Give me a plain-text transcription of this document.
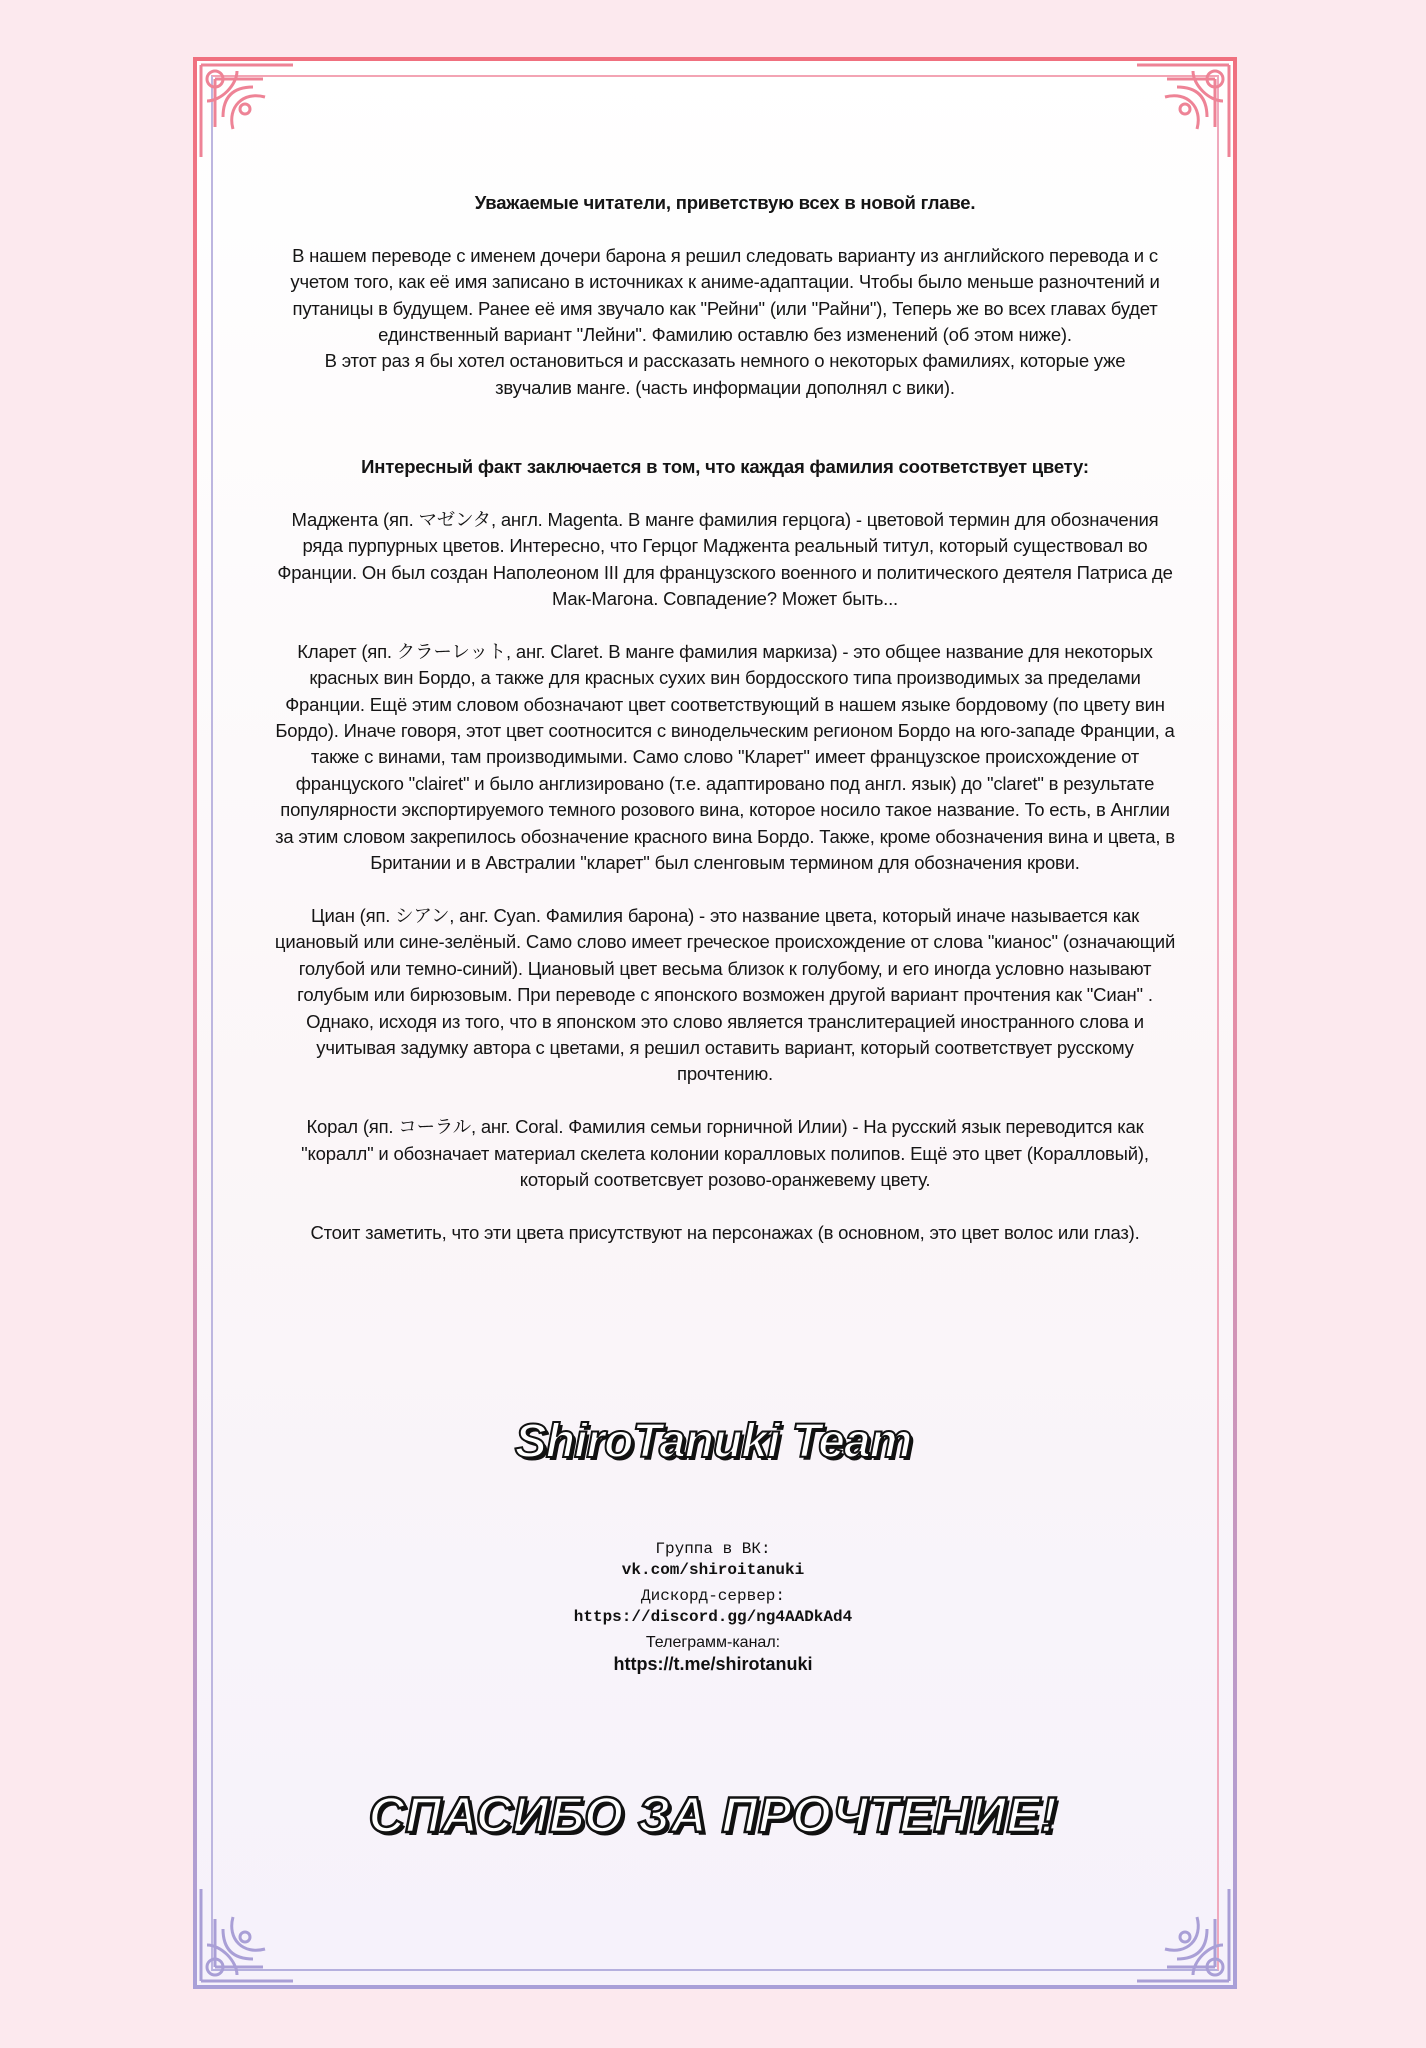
Уважаемые читатели, приветствую всех в новой главе.

В нашем переводе с именем дочери барона я решил следовать варианту из английского перевода и с

учетом того, как её имя записано в источниках к аниме-адаптации. Чтобы было меньше разночтений и

путаницы в будущем. Ранее её имя звучало как "Рейни" (или "Райни"), Теперь же во всех главах будет

единственный вариант "Лейни". Фамилию оставлю без изменений (об этом ниже).

В этот раз я бы хотел остановиться и рассказать немного о некоторых фамилиях, которые уже

звучалив манге. (часть информации дополнял с вики).

Интересный факт заключается в том, что каждая фамилия соответствует цвету:

Маджента (яп. マゼンタ, англ. Magenta. В манге фамилия герцога) - цветовой термин для обозначения

ряда пурпурных цветов. Интересно, что Герцог Маджента реальный титул, который существовал во

Франции. Он был создан Наполеоном III для французского военного и политического деятеля Патриса де

Мак-Магона. Совпадение? Может быть...

Кларет (яп. クラーレット, анг. Claret. В манге фамилия маркиза) - это общее название для некоторых

красных вин Бордо, а также для красных сухих вин бордосского типа производимых за пределами

Франции. Ещё этим словом обозначают цвет соответствующий в нашем языке бордовому (по цвету вин

Бордо). Иначе говоря, этот цвет соотносится с винодельческим регионом Бордо на юго-западе Франции, а

также с винами, там производимыми. Само слово "Кларет" имеет французское происхождение от

француского "clairet" и было англизировано (т.е. адаптировано под англ. язык) до "claret" в результате

популярности экспортируемого темного розового вина, которое носило такое название. То есть, в Англии

за этим словом закрепилось обозначение красного вина Бордо. Также, кроме обозначения вина и цвета, в

Британии и в Австралии "кларет" был сленговым термином для обозначения крови.

Циан (яп. シアン, анг. Cyan. Фамилия барона) - это название цвета, который иначе называется как

циановый или сине-зелёный. Само слово имеет греческое происхождение от слова "кианос" (означающий

голубой или темно-синий). Циановый цвет весьма близок к голубому, и его иногда условно называют

голубым или бирюзовым. При переводе с японского возможен другой вариант прочтения как "Сиан" .

Однако, исходя из того, что в японском это слово является транслитерацией иностранного слова и

учитывая задумку автора с цветами, я решил оставить вариант, который соответствует русскому

прочтению.

Корал (яп. コーラル, анг. Coral. Фамилия семьи горничной Илии) - На русский язык переводится как

"коралл" и обозначает материал скелета колонии коралловых полипов. Ещё это цвет (Коралловый),

который соответсвует розово-оранжевему цвету.

Стоит заметить, что эти цвета присутствуют на персонажах (в основном, это цвет волос или глаз).

ShiroTanuki Team
Группа в ВК:
vk.com/shiroitanuki
Дискорд-сервер:
https://discord.gg/ng4AADkAd4
Телеграмм-канал:
https://t.me/shirotanuki
СПАСИБО ЗА ПРОЧТЕНИЕ!
